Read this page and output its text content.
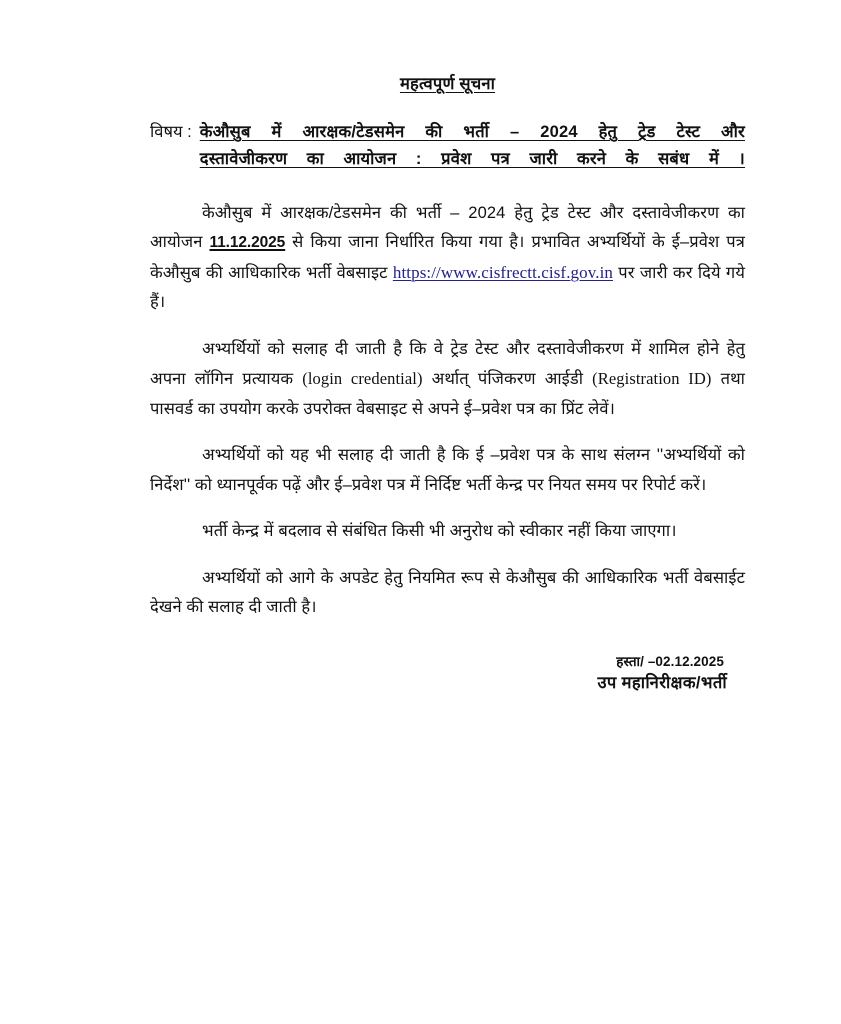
महत्वपूर्ण सूचना
विषय : केऔसुब में आरक्षक/टेडसमेन की भर्ती – 2024 हेतु ट्रेड टेस्ट और
दस्तावेजीकरण का आयोजन : प्रवेश पत्र जारी करने के सबंध में ।

केऔसुब में आरक्षक/टेडसमेन की भर्ती – 2024 हेतु ट्रेड टेस्ट और दस्तावेजीकरण का आयोजन 11.12.2025 से किया जाना निर्धारित किया गया है। प्रभावित अभ्यर्थियों के ई–प्रवेश पत्र केऔसुब की आधिकारिक भर्ती वेबसाइट https://www.cisfrectt.cisf.gov.in पर जारी कर दिये गये हैं।

अभ्यर्थियों को सलाह दी जाती है कि वे ट्रेड टेस्ट और दस्तावेजीकरण में शामिल होने हेतु अपना लॉगिन प्रत्यायक (login credential) अर्थात् पंजिकरण आईडी (Registration ID) तथा पासवर्ड का उपयोग करके उपरोक्त वेबसाइट से अपने ई–प्रवेश पत्र का प्रिंट लेवें।

अभ्यर्थियों को यह भी सलाह दी जाती है कि ई –प्रवेश पत्र के साथ संलग्न ''अभ्यर्थियों को निर्देश'' को ध्यानपूर्वक पढ़ें और ई–प्रवेश पत्र में निर्दिष्ट भर्ती केन्द्र पर नियत समय पर रिपोर्ट करें।

भर्ती केन्द्र में बदलाव से संबंधित किसी भी अनुरोध को स्वीकार नहीं किया जाएगा।

अभ्यर्थियों को आगे के अपडेट हेतु नियमित रूप से केऔसुब की आधिकारिक भर्ती वेबसाईट देखने की सलाह दी जाती है।

हस्ता/ –02.12.2025
उप महानिरीक्षक/भर्ती
